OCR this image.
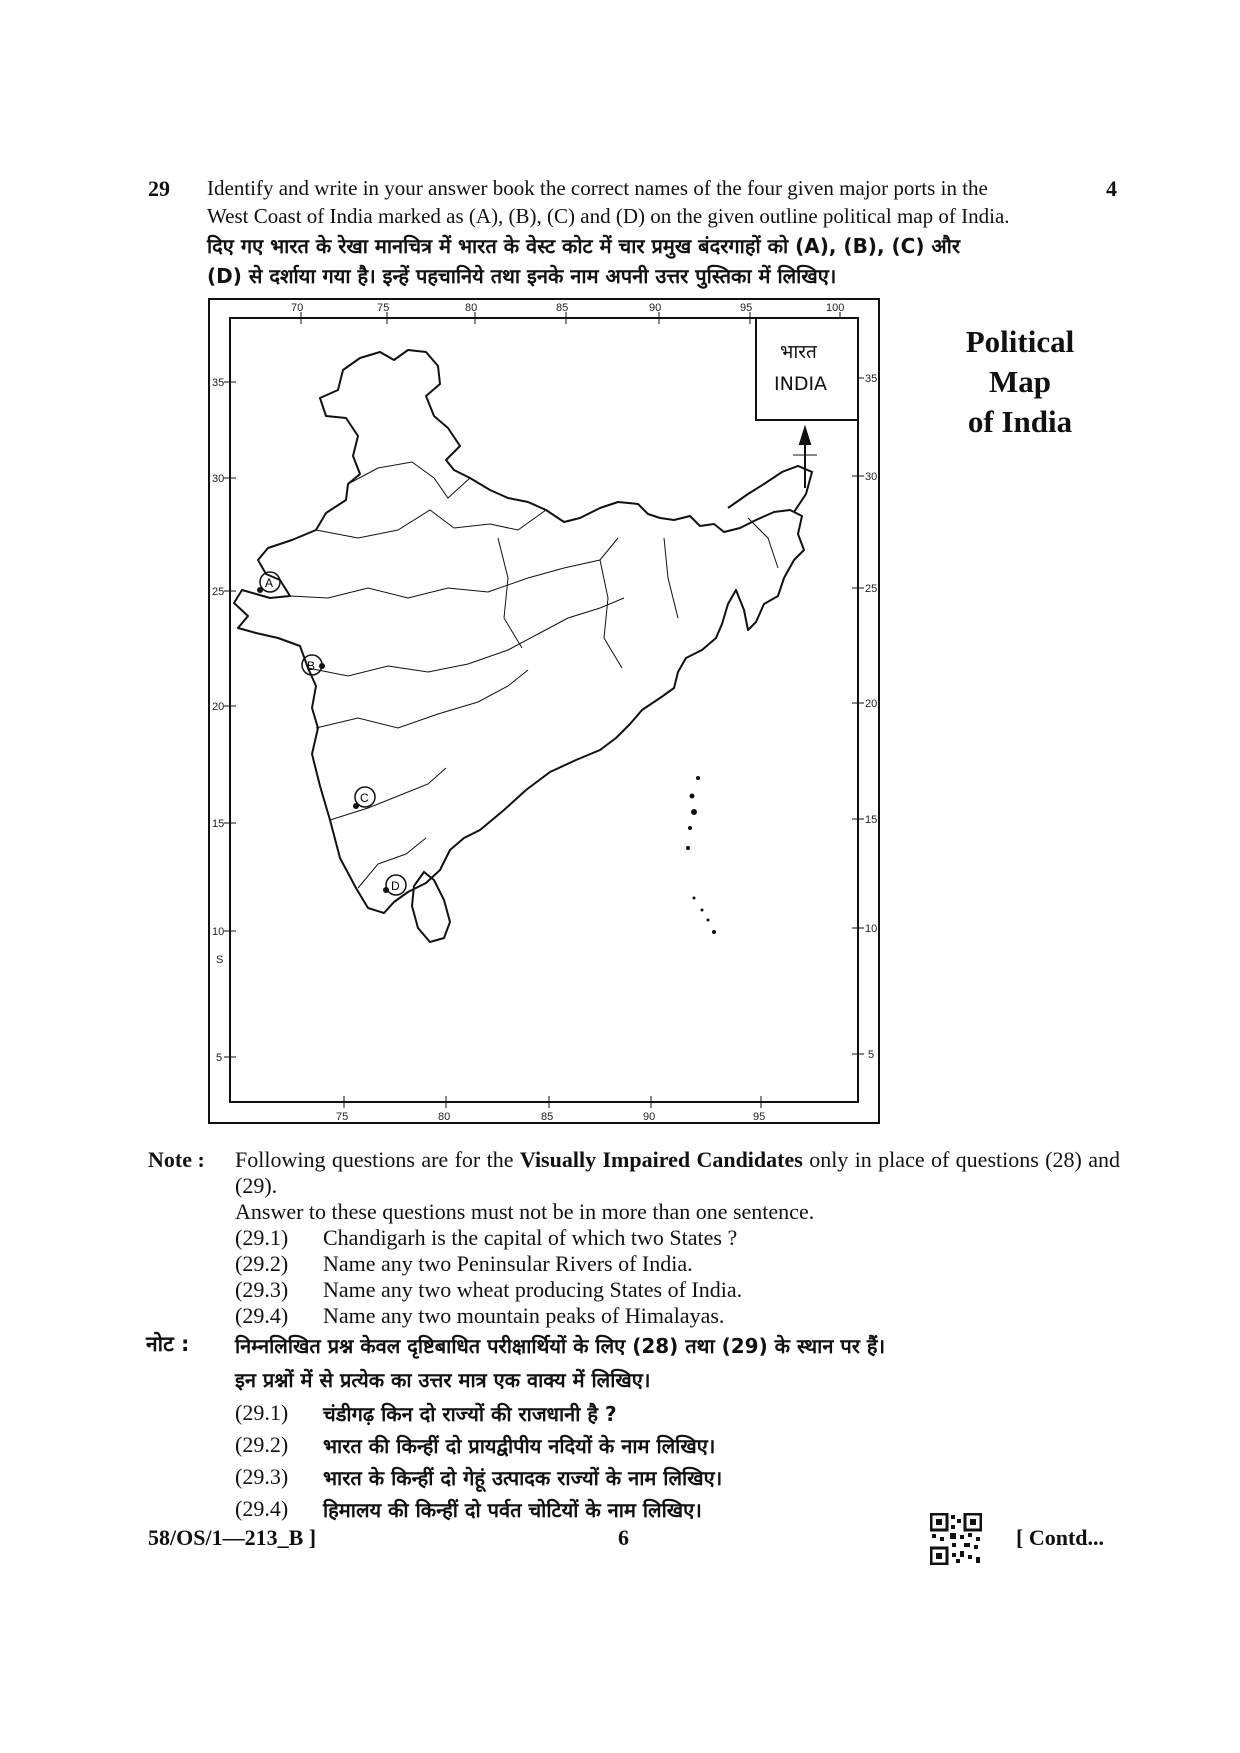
29	4
Identify and write in your answer book the correct names of the four given major ports in the
West Coast of India marked as (A), (B), (C) and (D) on the given outline political map of India.
दिए गए भारत के रेखा मानचित्र में भारत के वेस्ट कोट में चार प्रमुख बंदरगाहों को (A), (B), (C) और
(D) से दर्शाया गया है। इन्हें पहचानिये तथा इनके नाम अपनी उत्तर पुस्तिका में लिखिए।
Political
Map
of India
70	75	80	85	90	95	100
75	80	85	90	95
35
30
25
20
15
10
S
5
35
30
25
20
15
10
5
भारत
INDIA
A
B
C
D
Note : Following questions are for the Visually Impaired Candidates only in place of questions (28) and (29).
Answer to these questions must not be in more than one sentence.
(29.1) Chandigarh is the capital of which two States ?
(29.2) Name any two Peninsular Rivers of India.
(29.3) Name any two wheat producing States of India.
(29.4) Name any two mountain peaks of Himalayas.
नोट : निम्नलिखित प्रश्न केवल दृष्टिबाधित परीक्षार्थियों के लिए (28) तथा (29) के स्थान पर हैं।
इन प्रश्नों में से प्रत्येक का उत्तर मात्र एक वाक्य में लिखिए।
(29.1) चंडीगढ़ किन दो राज्यों की राजधानी है ?
(29.2) भारत की किन्हीं दो प्रायद्वीपीय नदियों के नाम लिखिए।
(29.3) भारत के किन्हीं दो गेहूं उत्पादक राज्यों के नाम लिखिए।
(29.4) हिमालय की किन्हीं दो पर्वत चोटियों के नाम लिखिए।
58/OS/1—213_B ]	6	[ Contd...
